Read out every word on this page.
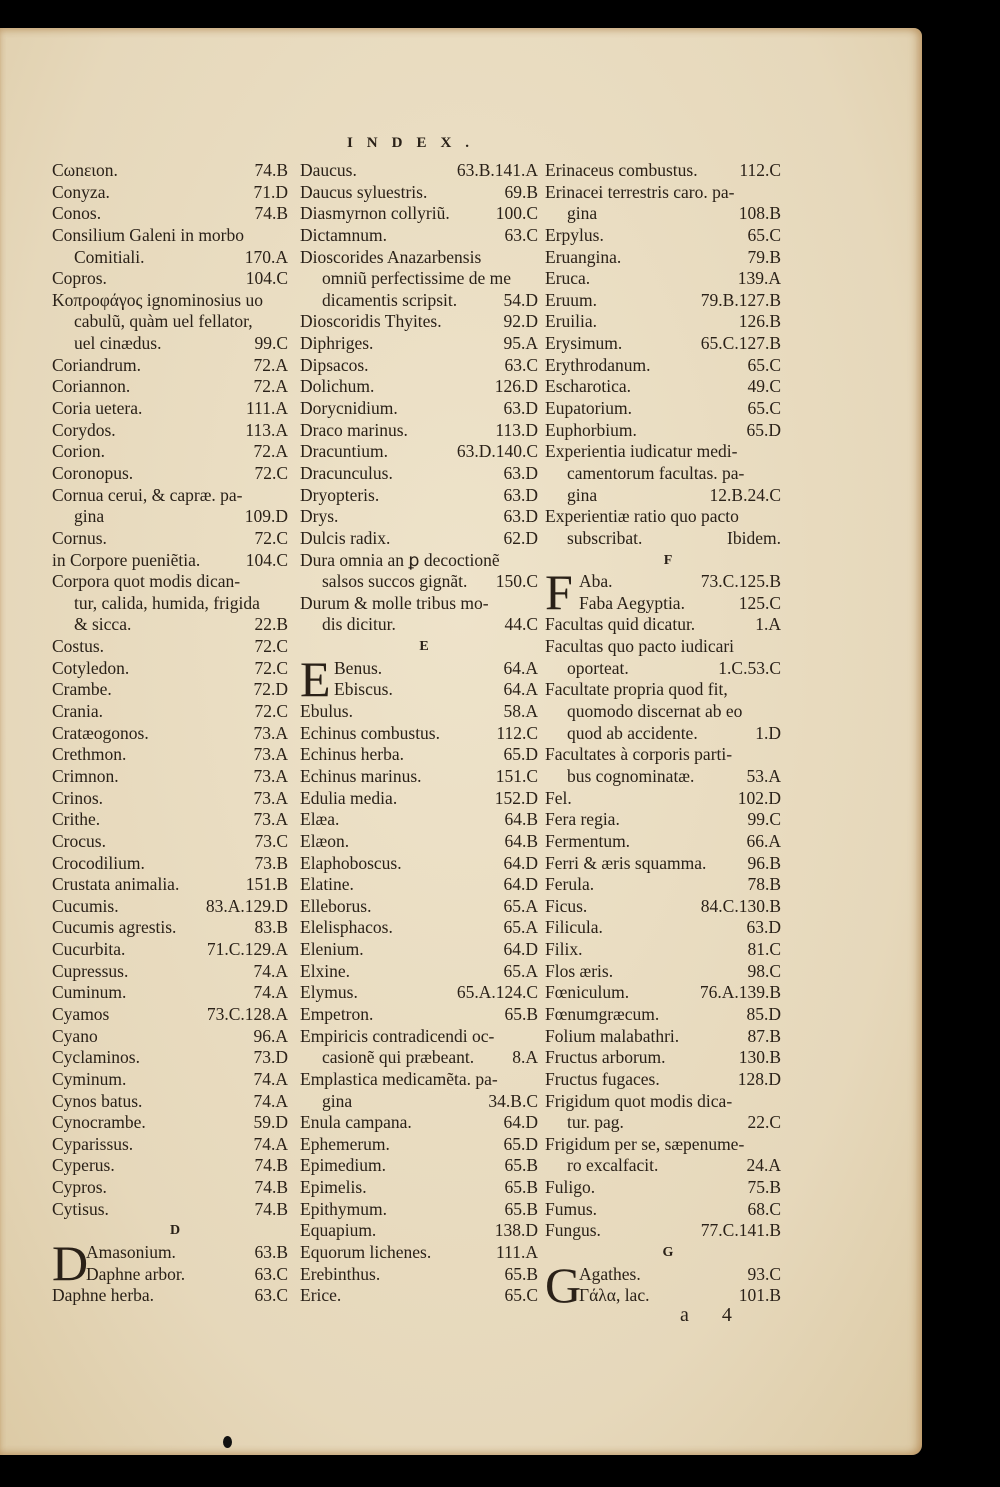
INDEX.
Cωnειon.	74.B
Conyza.	71.D
Conos.	74.B
Consilium Galeni in morbo
Comitiali.	170.A
Copros.	104.C
Κοπροφάγος ignominosius uo
cabulũ, quàm uel fellator,
uel cinædus.	99.C
Coriandrum.	72.A
Coriannon.	72.A
Coria uetera.	111.A
Corydos.	113.A
Corion.	72.A
Coronopus.	72.C
Cornua cerui, & capræ. pa-
gina	109.D
Cornus.	72.C
in Corpore pueniẽtia.	104.C
Corpora quot modis dican-
tur, calida, humida, frigida
& sicca.	22.B
Costus.	72.C
Cotyledon.	72.C
Crambe.	72.D
Crania.	72.C
Cratæogonos.	73.A
Crethmon.	73.A
Crimnon.	73.A
Crinos.	73.A
Crithe.	73.A
Crocus.	73.C
Crocodilium.	73.B
Crustata animalia.	151.B
Cucumis.	83.A.129.D
Cucumis agrestis.	83.B
Cucurbita.	71.C.129.A
Cupressus.	74.A
Cuminum.	74.A
Cyamos	73.C.128.A
Cyano	96.A
Cyclaminos.	73.D
Cyminum.	74.A
Cynos batus.	74.A
Cynocrambe.	59.D
Cyparissus.	74.A
Cyperus.	74.B
Cypros.	74.B
Cytisus.	74.B
D
D
Amasonium.	63.B
Daphne arbor.	63.C
Daphne herba.	63.C
Daucus.	63.B.141.A
Daucus syluestris.	69.B
Diasmyrnon collyriũ.	100.C
Dictamnum.	63.C
Dioscorides Anazarbensis
omniũ perfectissime de me
dicamentis scripsit.	54.D
Dioscoridis Thyites.	92.D
Diphriges.	95.A
Dipsacos.	63.C
Dolichum.	126.D
Dorycnidium.	63.D
Draco marinus.	113.D
Dracuntium.	63.D.140.C
Dracunculus.	63.D
Dryopteris.	63.D
Drys.	63.D
Dulcis radix.	62.D
Dura omnia an ꝑ decoctionẽ
salsos succos gignãt. 150.C
Durum & molle tribus mo-
dis dicitur.	44.C
E
E Benus.	64.A
Ebiscus.	64.A
Ebulus.	58.A
Echinus combustus.	112.C
Echinus herba.	65.D
Echinus marinus.	151.C
Edulia media.	152.D
Elæa.	64.B
Elæon.	64.B
Elaphoboscus.	64.D
Elatine.	64.D
Elleborus.	65.A
Elelisphacos.	65.A
Elenium.	64.D
Elxine.	65.A
Elymus.	65.A.124.C
Empetron.	65.B
Empiricis contradicendi oc-
casionẽ qui præbeant. 8.A
Emplastica medicamẽta. pa-
gina	34.B.C
Enula campana.	64.D
Ephemerum.	65.D
Epimedium.	65.B
Epimelis.	65.B
Epithymum.	65.B
Equapium.	138.D
Equorum lichenes.	111.A
Erebinthus.	65.B
Erice.	65.C
Erinaceus combustus. 112.C
Erinacei terrestris caro. pa-
gina	108.B
Erpylus.	65.C
Eruangina.	79.B
Eruca.	139.A
Eruum.	79.B.127.B
Eruilia.	126.B
Erysimum.	65.C.127.B
Erythrodanum.	65.C
Escharotica.	49.C
Eupatorium.	65.C
Euphorbium.	65.D
Experientia iudicatur medi-
camentorum facultas. pa-
gina	12.B.24.C
Experientiæ ratio quo pacto
subscribat.	Ibidem.
F
F Aba.	73.C.125.B
Faba Aegyptia.	125.C
Facultas quid dicatur.	1.A
Facultas quo pacto iudicari
oporteat.	1.C.53.C
Facultate propria quod fit,
quomodo discernat ab eo
quod ab accidente.	1.D
Facultates à corporis parti-
bus cognominatæ.	53.A
Fel.	102.D
Fera regia.	99.C
Fermentum.	66.A
Ferri & æris squamma. 96.B
Ferula.	78.B
Ficus.	84.C.130.B
Filicula.	63.D
Filix.	81.C
Flos æris.	98.C
Fœniculum.	76.A.139.B
Fœnumgræcum.	85.D
Folium malabathri.	87.B
Fructus arborum.	130.B
Fructus fugaces.	128.D
Frigidum quot modis dica-
tur. pag.	22.C
Frigidum per se, sæpenume-
ro excalfacit.	24.A
Fuligo.	75.B
Fumus.	68.C
Fungus.	77.C.141.B
G
G
Agathes.	93.C
Γάλα, lac.	101.B
a 4
